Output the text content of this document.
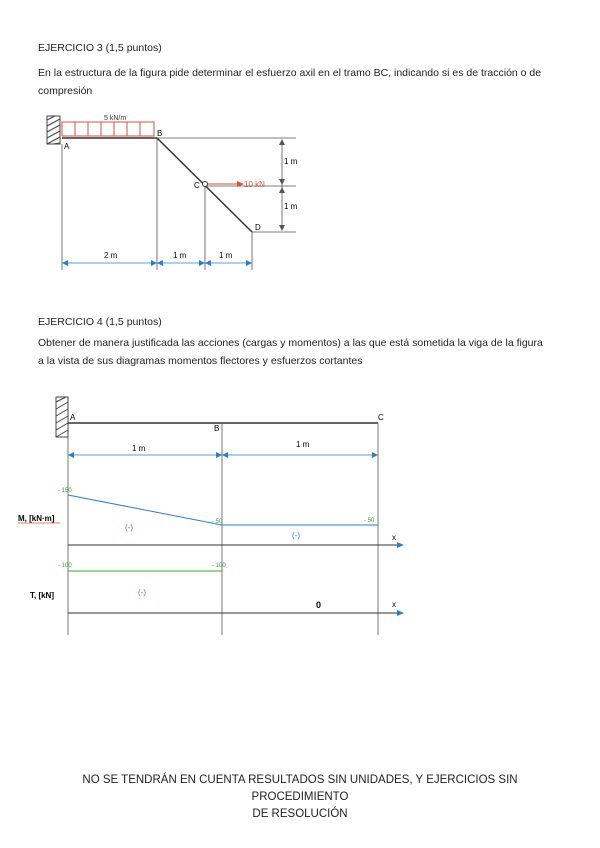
EJERCICIO 3 (1,5 puntos)
En la estructura de la figura pide determinar el esfuerzo axil en el tramo BC, indicando si es de tracción o de compresión
5 kN/m
10 kN
A
B
C
D
1 m
1 m
2 m	1 m	1 m
EJERCICIO 4 (1,5 puntos)
Obtener de manera justificada las acciones (cargas y momentos) a las que está sometida la viga de la figura a la vista de sus diagramas momentos flectores y esfuerzos cortantes
A
B
C
1 m	1 m
x
- 150
- 50	- 50
(-)
(-)
M, [kN·m]
x
- 100	- 100
(-)
0
T, [kN]
NO SE TENDRÁN EN CUENTA RESULTADOS SIN UNIDADES, Y EJERCICIOS SIN PROCEDIMIENTO
DE RESOLUCIÓN
